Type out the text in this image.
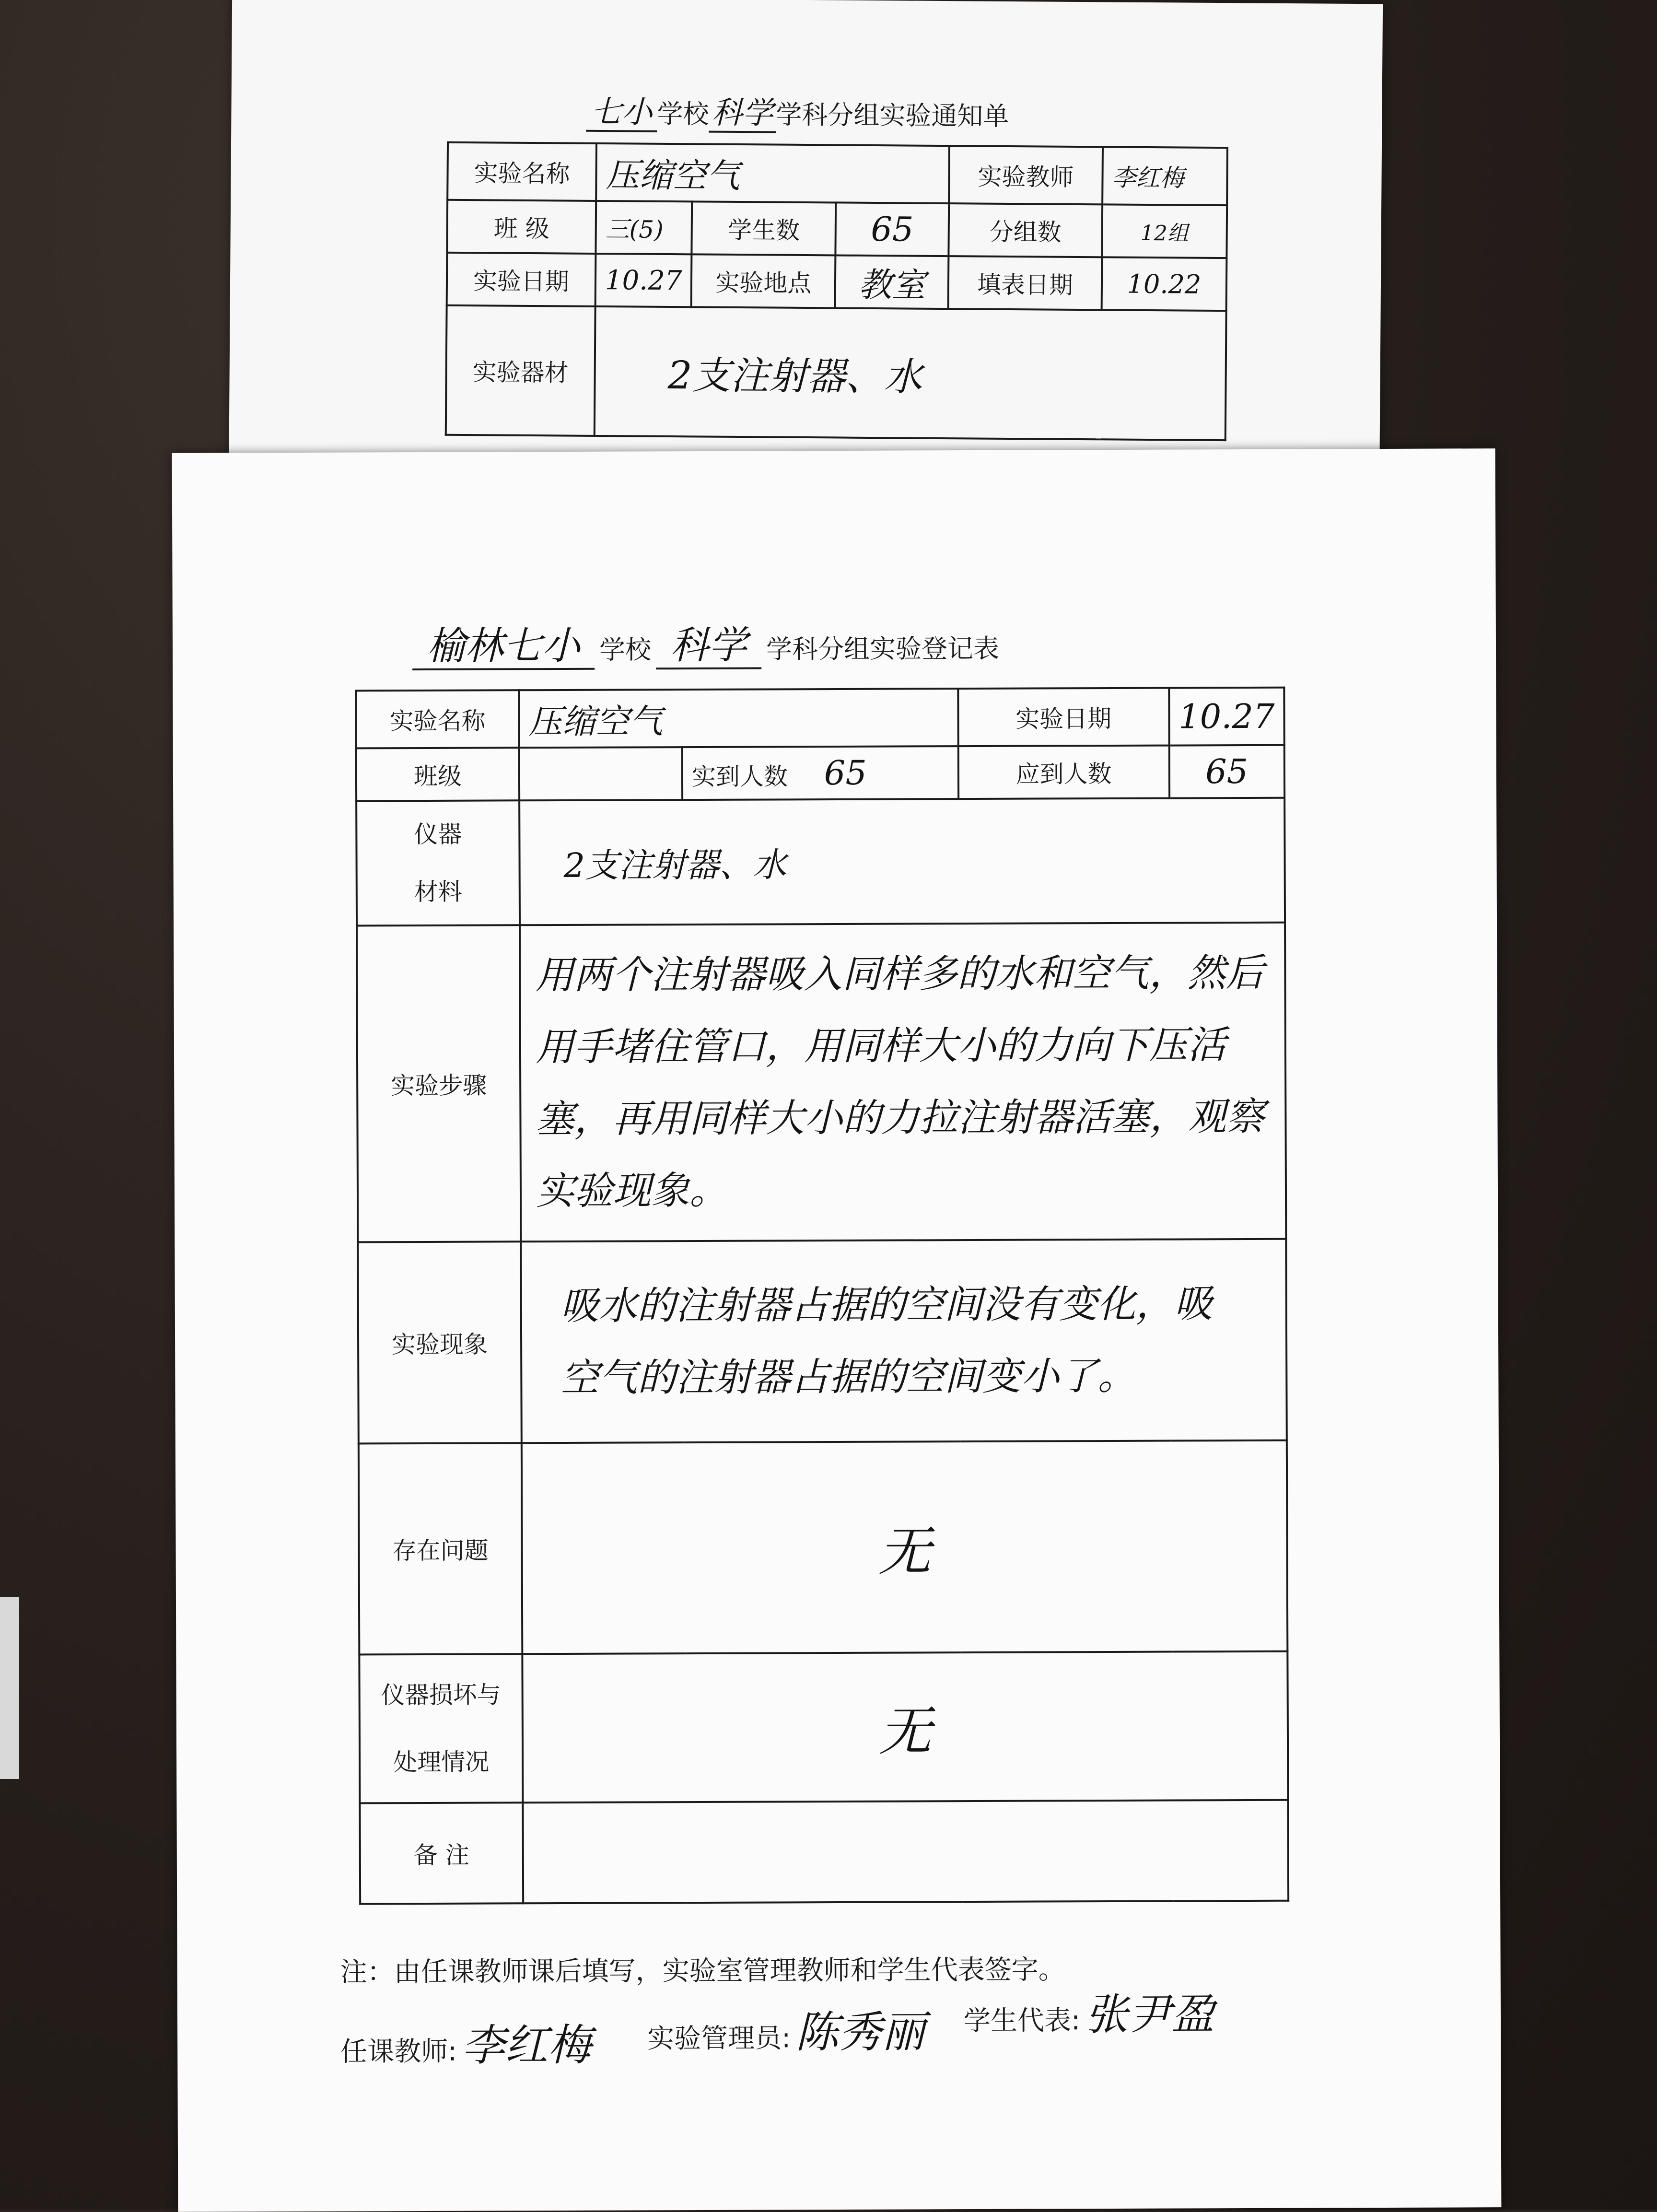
七小 学校科学 学科分组实验通知单
实验名称	压缩空气			实验教师	李红梅
班 级	三(5)	学生数	65	分组数	12组
实验日期	10.27	实验地点	教室	填表日期	10.22
实验器材	2支注射器、水				
榆林七小 学校 科学 学科分组实验登记表
实验名称	压缩空气		实验日期	10.27
班级		实到人数 65	应到人数	65

仪器
材料	2支注射器、水			
实验步骤	用两个注射器吸入同样多的水和空气，然后用手堵住管口，用同样大小的力向下压活塞，再用同样大小的力拉注射器活塞，观察实验现象。			
实验现象	吸水的注射器占据的空间没有变化，吸空气的注射器占据的空间变小了。			
存在问题	无			

仪器损坏与
处理情况	无			
备 注				
注：由任课教师课后填写，实验室管理教师和学生代表签字。
任课教师: 李红梅 实验管理员: 陈秀丽 学生代表: 张尹盈
